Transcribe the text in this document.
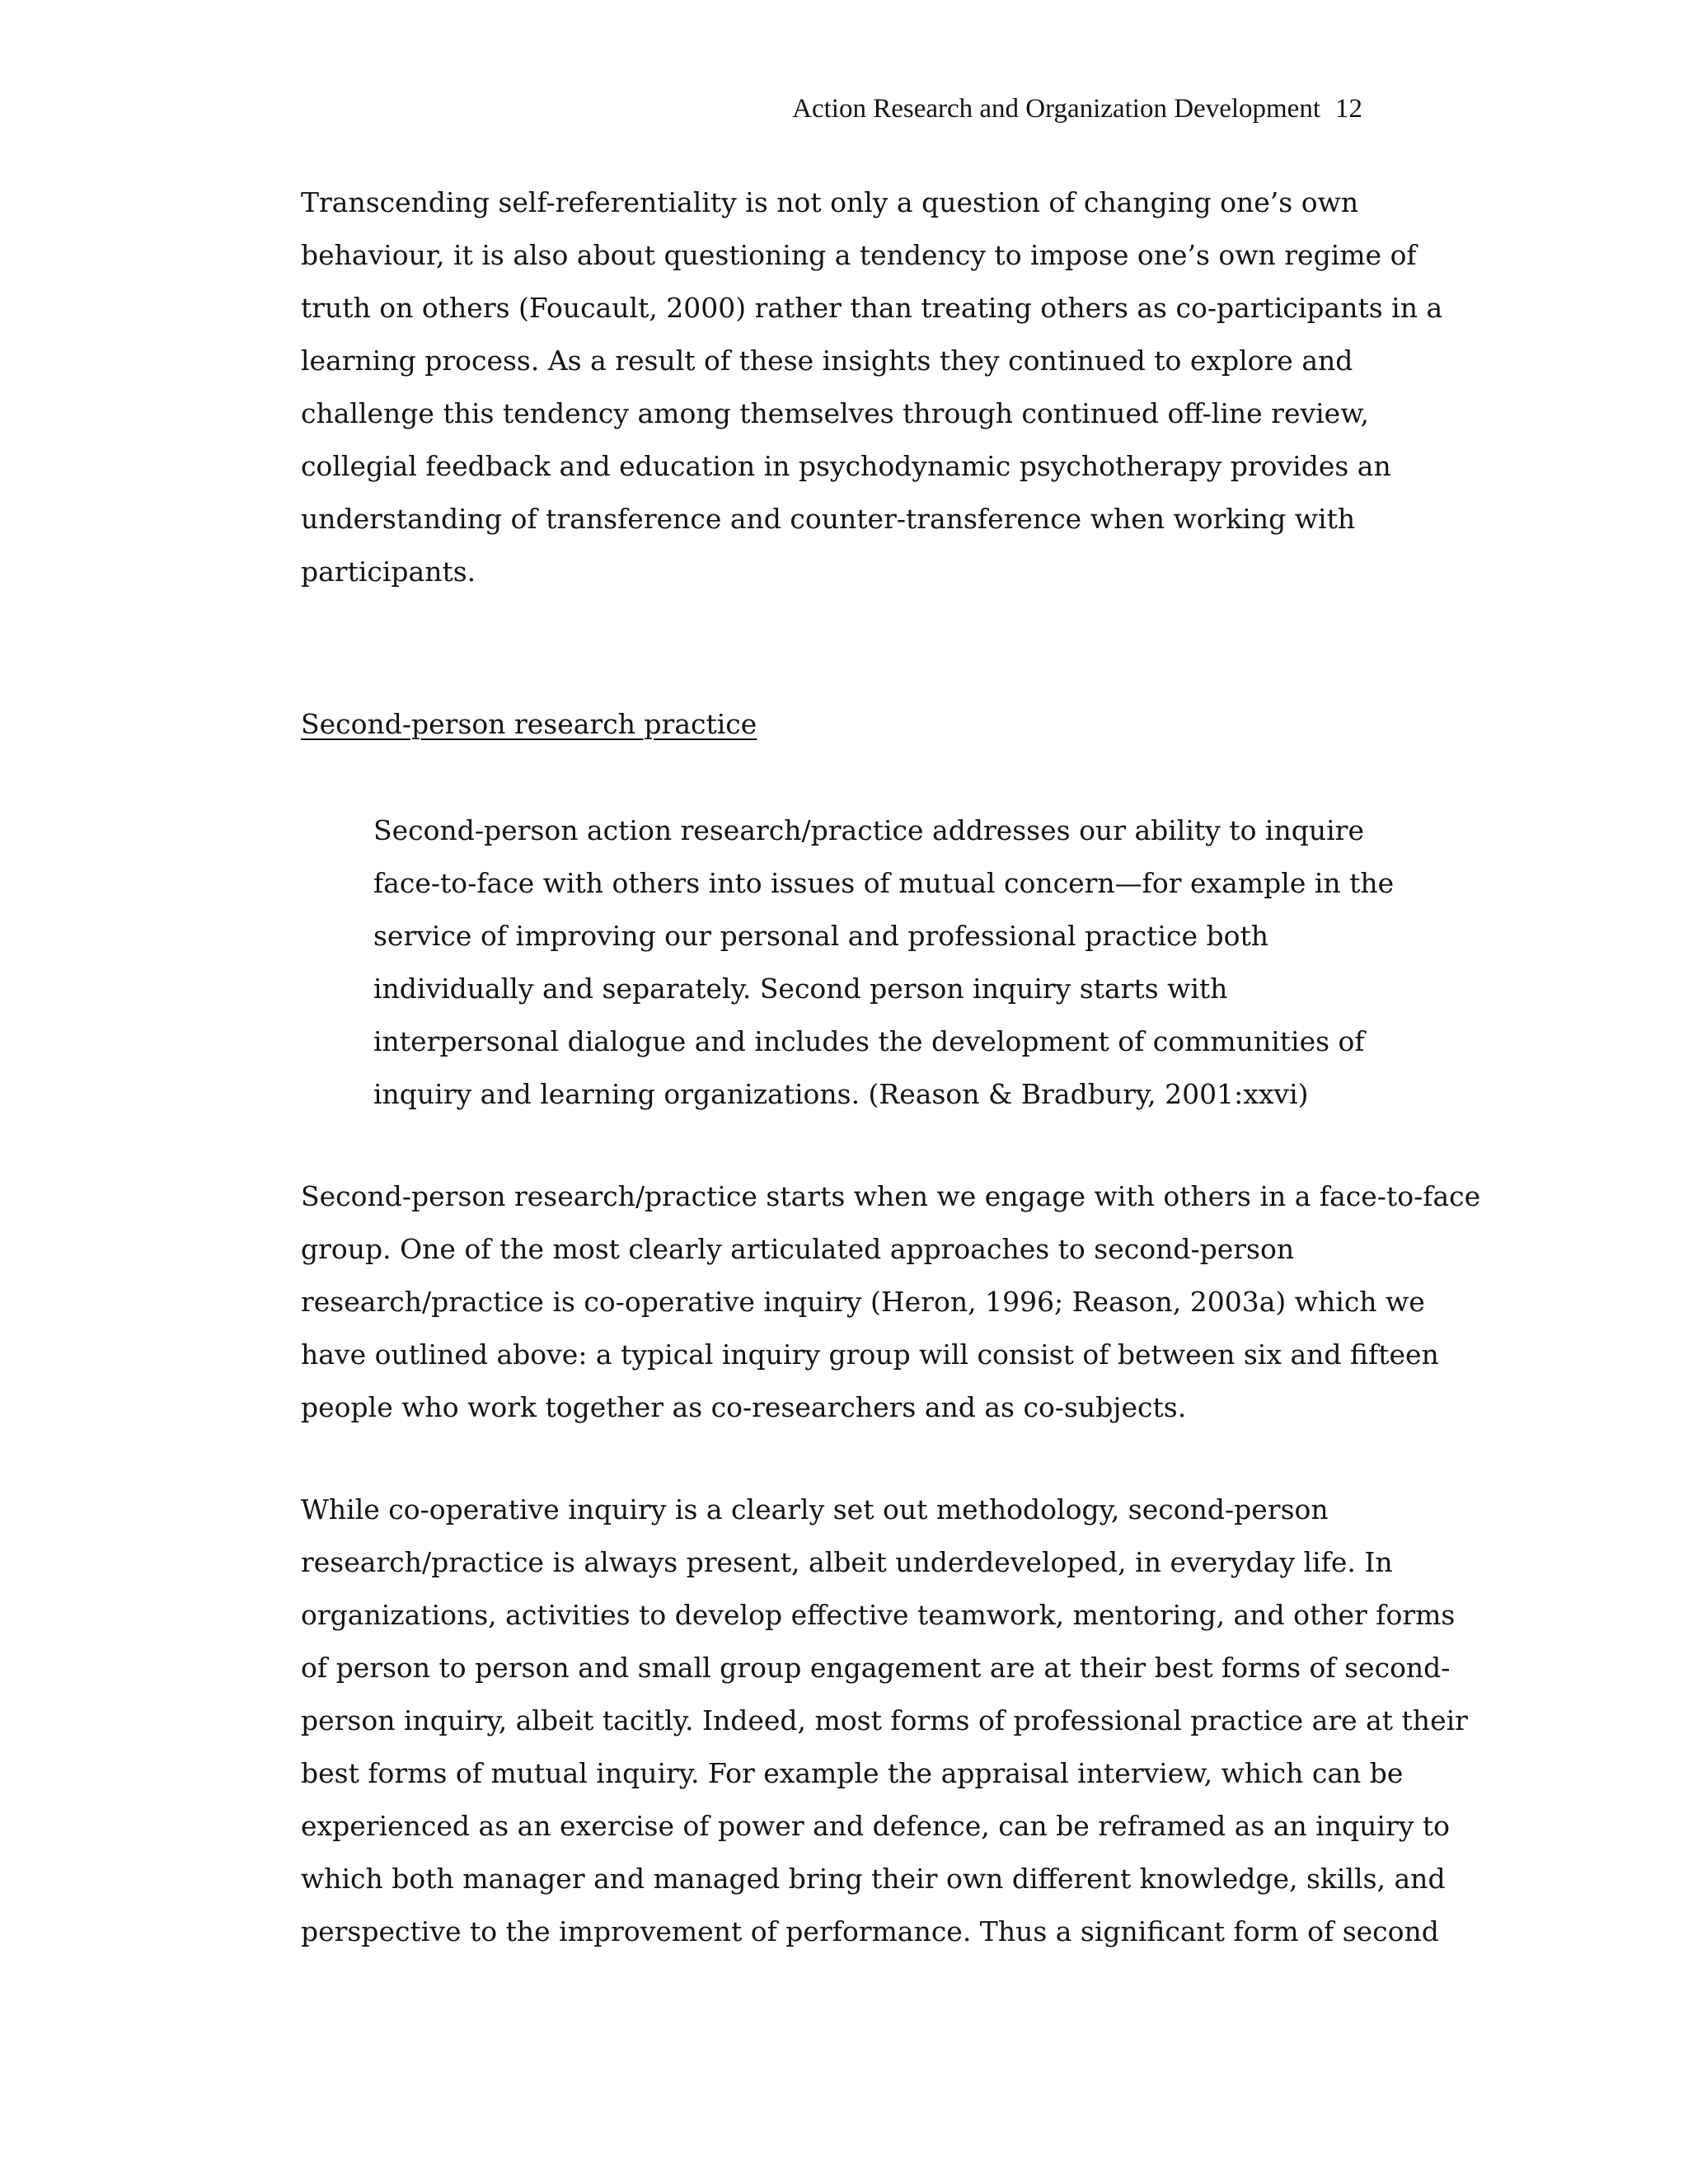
Action Research and Organization Development 12

Transcending self-referentiality is not only a question of changing one’s own
behaviour, it is also about questioning a tendency to impose one’s own regime of
truth on others (Foucault, 2000) rather than treating others as co-participants in a
learning process. As a result of these insights they continued to explore and
challenge this tendency among themselves through continued off-line review,
collegial feedback and education in psychodynamic psychotherapy provides an
understanding of transference and counter-transference when working with
participants.

Second-person research practice
Second-person action research/practice addresses our ability to inquire
face-to-face with others into issues of mutual concern—for example in the
service of improving our personal and professional practice both
individually and separately. Second person inquiry starts with
interpersonal dialogue and includes the development of communities of
inquiry and learning organizations. (Reason & Bradbury, 2001:xxvi)

Second-person research/practice starts when we engage with others in a face-to-face
group. One of the most clearly articulated approaches to second-person
research/practice is co-operative inquiry (Heron, 1996; Reason, 2003a) which we
have outlined above: a typical inquiry group will consist of between six and fifteen
people who work together as co-researchers and as co-subjects.

While co-operative inquiry is a clearly set out methodology, second-person
research/practice is always present, albeit underdeveloped, in everyday life. In
organizations, activities to develop effective teamwork, mentoring, and other forms
of person to person and small group engagement are at their best forms of second-
person inquiry, albeit tacitly. Indeed, most forms of professional practice are at their
best forms of mutual inquiry. For example the appraisal interview, which can be
experienced as an exercise of power and defence, can be reframed as an inquiry to
which both manager and managed bring their own different knowledge, skills, and
perspective to the improvement of performance. Thus a significant form of second
